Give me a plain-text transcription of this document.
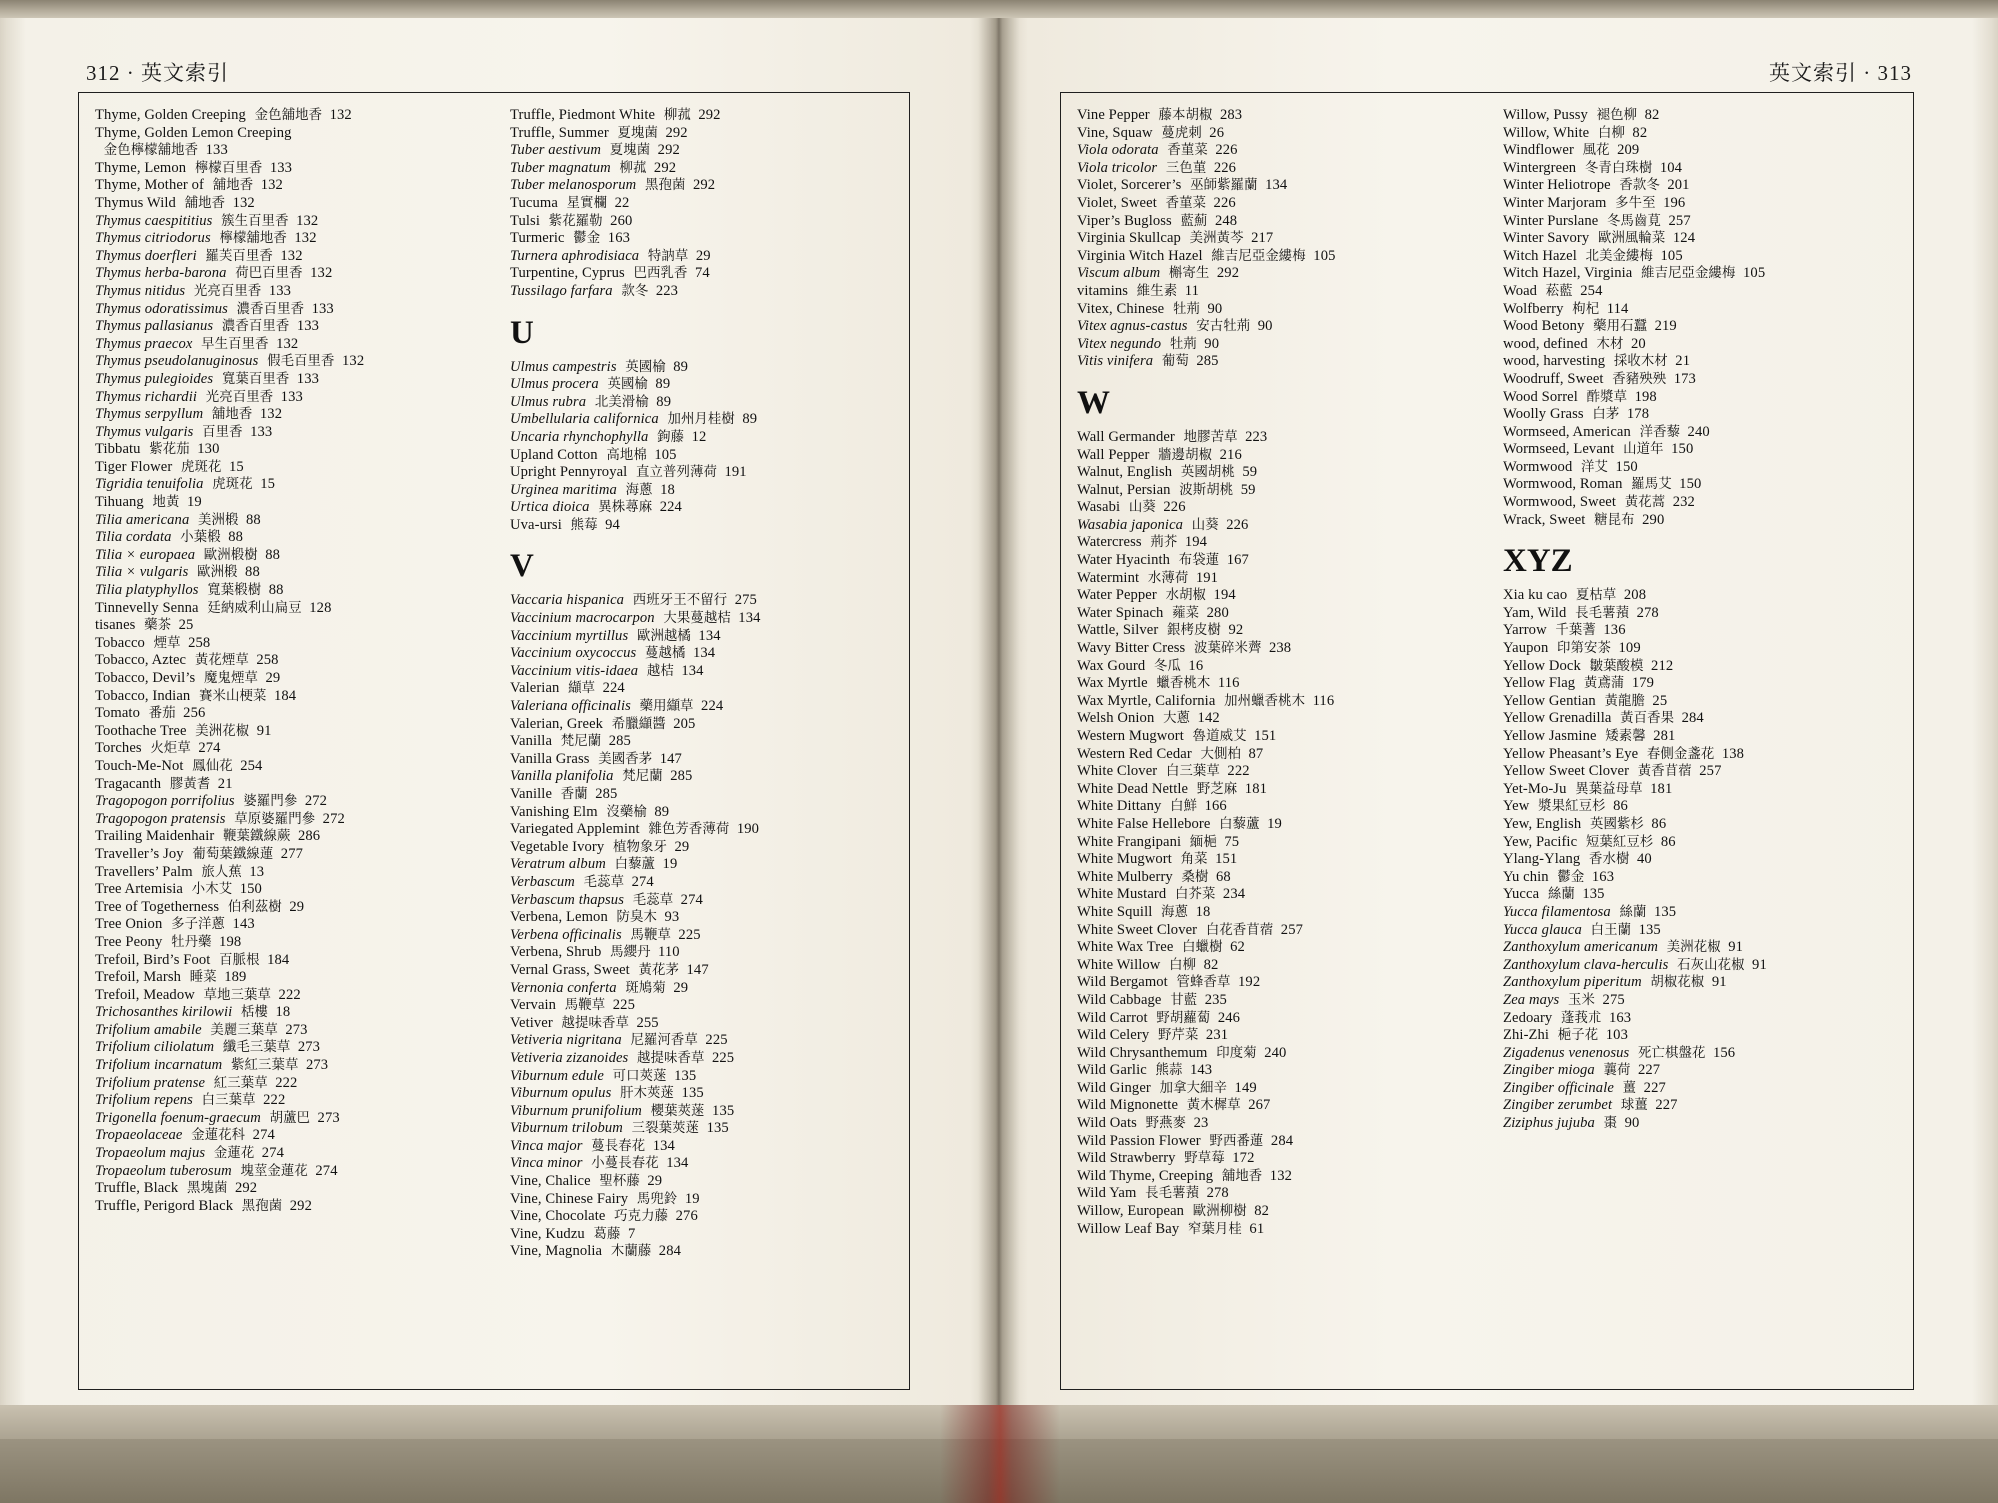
312 · 英文索引	英文索引 · 313
Thyme, Golden Creeping  金色舖地香  132
Thyme, Golden Lemon Creeping
金色檸檬舖地香  133
Thyme, Lemon  檸檬百里香  133
Thyme, Mother of  舖地香  132
Thymus Wild  舖地香  132
Thymus caespititius  簇生百里香  132
Thymus citriodorus  檸檬舖地香  132
Thymus doerfleri  羅芙百里香  132
Thymus herba-barona  荷巴百里香  132
Thymus nitidus  光亮百里香  133
Thymus odoratissimus  濃香百里香  133
Thymus pallasianus  濃香百里香  133
Thymus praecox  早生百里香  132
Thymus pseudolanuginosus  假毛百里香  132
Thymus pulegioides  寬葉百里香  133
Thymus richardii  光亮百里香  133
Thymus serpyllum  舖地香  132
Thymus vulgaris  百里香  133
Tibbatu  紫花茄  130
Tiger Flower  虎斑花  15
Tigridia tenuifolia  虎斑花  15
Tihuang  地黃  19
Tilia americana  美洲椴  88
Tilia cordata  小葉椴  88
Tilia × europaea  歐洲椴樹  88
Tilia × vulgaris  歐洲椴  88
Tilia platyphyllos  寬葉椴樹  88
Tinnevelly Senna  廷納威利山扁豆  128
tisanes  藥茶  25
Tobacco  煙草  258
Tobacco, Aztec  黃花煙草  258
Tobacco, Devil’s  魔鬼煙草  29
Tobacco, Indian  賽米山梗菜  184
Tomato  番茄  256
Toothache Tree  美洲花椒  91
Torches  火炬草  274
Touch-Me-Not  鳳仙花  254
Tragacanth  膠黃耆  21
Tragopogon porrifolius  婆羅門參  272
Tragopogon pratensis  草原婆羅門參  272
Trailing Maidenhair  鞭葉鐵線蕨  286
Traveller’s Joy  葡萄葉鐵線蓮  277
Travellers’ Palm  旅人蕉  13
Tree Artemisia  小木艾  150
Tree of Togetherness  伯利茲樹  29
Tree Onion  多子洋蔥  143
Tree Peony  牡丹藥  198
Trefoil, Bird’s Foot  百脈根  184
Trefoil, Marsh  睡菜  189
Trefoil, Meadow  草地三葉草  222
Trichosanthes kirilowii  栝樓  18
Trifolium amabile  美麗三葉草  273
Trifolium ciliolatum  纖毛三葉草  273
Trifolium incarnatum  紫紅三葉草  273
Trifolium pratense  紅三葉草  222
Trifolium repens  白三葉草  222
Trigonella foenum-graecum  胡蘆巴  273
Tropaeolaceae  金蓮花科  274
Tropaeolum majus  金蓮花  274
Tropaeolum tuberosum  塊莖金蓮花  274
Truffle, Black  黑塊菌  292
Truffle, Perigord Black  黑孢菌  292
Truffle, Piedmont White  柳菰  292
Truffle, Summer  夏塊菌  292
Tuber aestivum  夏塊菌  292
Tuber magnatum  柳菰  292
Tuber melanosporum  黑孢菌  292
Tucuma  星實欄  22
Tulsi  紫花羅勒  260
Turmeric  鬱金  163
Turnera aphrodisiaca  特訥草  29
Turpentine, Cyprus  巴西乳香  74
Tussilago farfara  款冬  223
U
Ulmus campestris  英國榆  89
Ulmus procera  英國榆  89
Ulmus rubra  北美滑榆  89
Umbellularia californica  加州月桂樹  89
Uncaria rhynchophylla  鉤藤  12
Upland Cotton  高地棉  105
Upright Pennyroyal  直立普列薄荷  191
Urginea maritima  海蔥  18
Urtica dioica  異株蕁麻  224
Uva-ursi  熊莓  94
V
Vaccaria hispanica  西班牙王不留行  275
Vaccinium macrocarpon  大果蔓越桔  134
Vaccinium myrtillus  歐洲越橘  134
Vaccinium oxycoccus  蔓越橘  134
Vaccinium vitis-idaea  越桔  134
Valerian  纈草  224
Valeriana officinalis  藥用纈草  224
Valerian, Greek  希臘纈醬  205
Vanilla  梵尼蘭  285
Vanilla Grass  美國香茅  147
Vanilla planifolia  梵尼蘭  285
Vanille  香蘭  285
Vanishing Elm  沒藥榆  89
Variegated Applemint  雜色芳香薄荷  190
Vegetable Ivory  植物象牙  29
Veratrum album  白藜蘆  19
Verbascum  毛蕊草  274
Verbascum thapsus  毛蕊草  274
Verbena, Lemon  防臭木  93
Verbena officinalis  馬鞭草  225
Verbena, Shrub  馬纓丹  110
Vernal Grass, Sweet  黃花茅  147
Vernonia conferta  斑鳩菊  29
Vervain  馬鞭草  225
Vetiver  越提味香草  255
Vetiveria nigritana  尼羅河香草  225
Vetiveria zizanoides  越提味香草  225
Viburnum edule  可口莢蒾  135
Viburnum opulus  肝木莢蒾  135
Viburnum prunifolium  櫻葉莢蒾  135
Viburnum trilobum  三裂葉莢蒾  135
Vinca major  蔓長春花  134
Vinca minor  小蔓長春花  134
Vine, Chalice  聖杯藤  29
Vine, Chinese Fairy  馬兜鈴  19
Vine, Chocolate  巧克力藤  276
Vine, Kudzu  葛藤  7
Vine, Magnolia  木蘭藤  284
Vine Pepper  藤本胡椒  283
Vine, Squaw  蔓虎刺  26
Viola odorata  香菫菜  226
Viola tricolor  三色菫  226
Violet, Sorcerer’s  巫師紫羅蘭  134
Violet, Sweet  香菫菜  226
Viper’s Bugloss  藍薊  248
Virginia Skullcap  美洲黃芩  217
Virginia Witch Hazel  維吉尼亞金縷梅  105
Viscum album  槲寄生  292
vitamins  維生素  11
Vitex, Chinese  牡荊  90
Vitex agnus-castus  安古牡荊  90
Vitex negundo  牡荊  90
Vitis vinifera  葡萄  285
W
Wall Germander  地膠苦草  223
Wall Pepper  牆邊胡椒  216
Walnut, English  英國胡桃  59
Walnut, Persian  波斯胡桃  59
Wasabi  山葵  226
Wasabia japonica  山葵  226
Watercress  荊芥  194
Water Hyacinth  布袋蓮  167
Watermint  水薄荷  191
Water Pepper  水胡椒  194
Water Spinach  蕹菜  280
Wattle, Silver  銀栲皮樹  92
Wavy Bitter Cress  波葉碎米薺  238
Wax Gourd  冬瓜  16
Wax Myrtle  蠟香桃木  116
Wax Myrtle, California  加州蠟香桃木  116
Welsh Onion  大蔥  142
Western Mugwort  魯道威艾  151
Western Red Cedar  大側柏  87
White Clover  白三葉草  222
White Dead Nettle  野芝麻  181
White Dittany  白鮮  166
White False Hellebore  白藜蘆  19
White Frangipani  緬梔  75
White Mugwort  角菜  151
White Mulberry  桑樹  68
White Mustard  白芥菜  234
White Squill  海蔥  18
White Sweet Clover  白花香苜蓿  257
White Wax Tree  白蠟樹  62
White Willow  白柳  82
Wild Bergamot  管蜂香草  192
Wild Cabbage  甘藍  235
Wild Carrot  野胡蘿蔔  246
Wild Celery  野芹菜  231
Wild Chrysanthemum  印度菊  240
Wild Garlic  熊蒜  143
Wild Ginger  加拿大細辛  149
Wild Mignonette  黃木樨草  267
Wild Oats  野燕麥  23
Wild Passion Flower  野西番蓮  284
Wild Strawberry  野草莓  172
Wild Thyme, Creeping  舖地香  132
Wild Yam  長毛薯蕷  278
Willow, European  歐洲柳樹  82
Willow Leaf Bay  窄葉月桂  61
Willow, Pussy  褪色柳  82
Willow, White  白柳  82
Windflower  風花  209
Wintergreen  冬青白珠樹  104
Winter Heliotrope  香款冬  201
Winter Marjoram  多牛至  196
Winter Purslane  冬馬齒莧  257
Winter Savory  歐洲風輪菜  124
Witch Hazel  北美金縷梅  105
Witch Hazel, Virginia  維吉尼亞金縷梅  105
Woad  菘藍  254
Wolfberry  枸杞  114
Wood Betony  藥用石蠶  219
wood, defined  木材  20
wood, harvesting  採收木材  21
Woodruff, Sweet  香豬殃殃  173
Wood Sorrel  酢漿草  198
Woolly Grass  白茅  178
Wormseed, American  洋香藜  240
Wormseed, Levant  山道年  150
Wormwood  洋艾  150
Wormwood, Roman  羅馬艾  150
Wormwood, Sweet  黃花蒿  232
Wrack, Sweet  糖昆布  290
XYZ
Xia ku cao  夏枯草  208
Yam, Wild  長毛薯蕷  278
Yarrow  千葉蓍  136
Yaupon  印第安茶  109
Yellow Dock  皺葉酸模  212
Yellow Flag  黃鳶蒲  179
Yellow Gentian  黃龍膽  25
Yellow Grenadilla  黃百香果  284
Yellow Jasmine  矮素馨  281
Yellow Pheasant’s Eye  春側金盞花  138
Yellow Sweet Clover  黃香苜蓿  257
Yet-Mo-Ju  異葉益母草  181
Yew  漿果紅豆杉  86
Yew, English  英國紫杉  86
Yew, Pacific  短葉紅豆杉  86
Ylang-Ylang  香水樹  40
Yu chin  鬱金  163
Yucca  絲蘭  135
Yucca filamentosa  絲蘭  135
Yucca glauca  白王蘭  135
Zanthoxylum americanum  美洲花椒  91
Zanthoxylum clava-herculis  石灰山花椒  91
Zanthoxylum piperitum  胡椒花椒  91
Zea mays  玉米  275
Zedoary  蓬莪朮  163
Zhi-Zhi  梔子花  103
Zigadenus venenosus  死亡棋盤花  156
Zingiber mioga  蘘荷  227
Zingiber officinale  薑  227
Zingiber zerumbet  球薑  227
Ziziphus jujuba  棗  90
